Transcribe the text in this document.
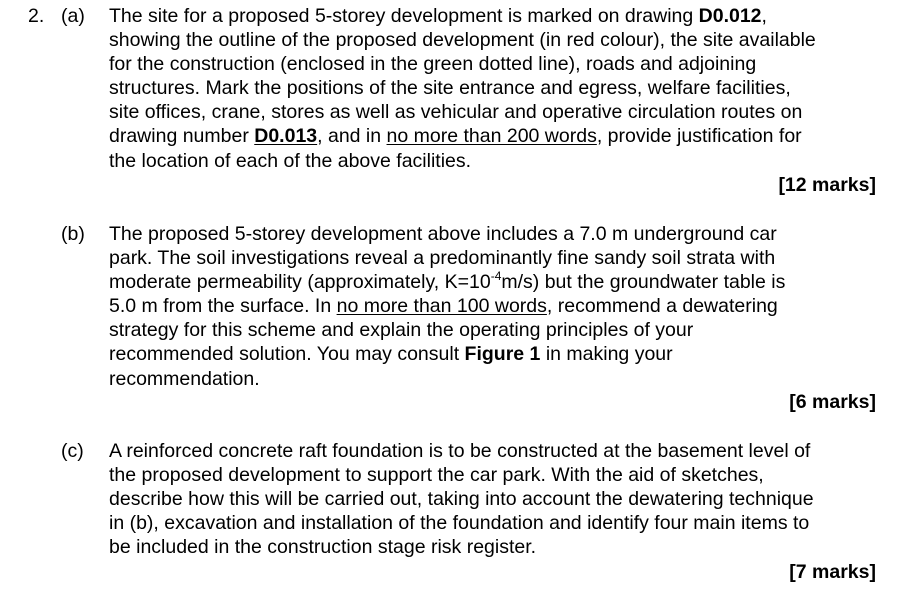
2. (a) The site for a proposed 5-storey development is marked on drawing D0.012,
showing the outline of the proposed development (in red colour), the site available
for the construction (enclosed in the green dotted line), roads and adjoining
structures. Mark the positions of the site entrance and egress, welfare facilities,
site offices, crane, stores as well as vehicular and operative circulation routes on
drawing number D0.013, and in no more than 200 words, provide justification for
the location of each of the above facilities.
[12 marks]
(b) The proposed 5-storey development above includes a 7.0 m underground car
park. The soil investigations reveal a predominantly fine sandy soil strata with
moderate permeability (approximately, $K=10^{-4}m/s$) but the groundwater table is
5.0 m from the surface. In no more than 100 words, recommend a dewatering
strategy for this scheme and explain the operating principles of your
recommended solution. You may consult Figure 1 in making your
recommendation.
[6 marks]
(c) A reinforced concrete raft foundation is to be constructed at the basement level of
the proposed development to support the car park. With the aid of sketches,
describe how this will be carried out, taking into account the dewatering technique
in (b), excavation and installation of the foundation and identify four main items to
be included in the construction stage risk register.
[7 marks]
